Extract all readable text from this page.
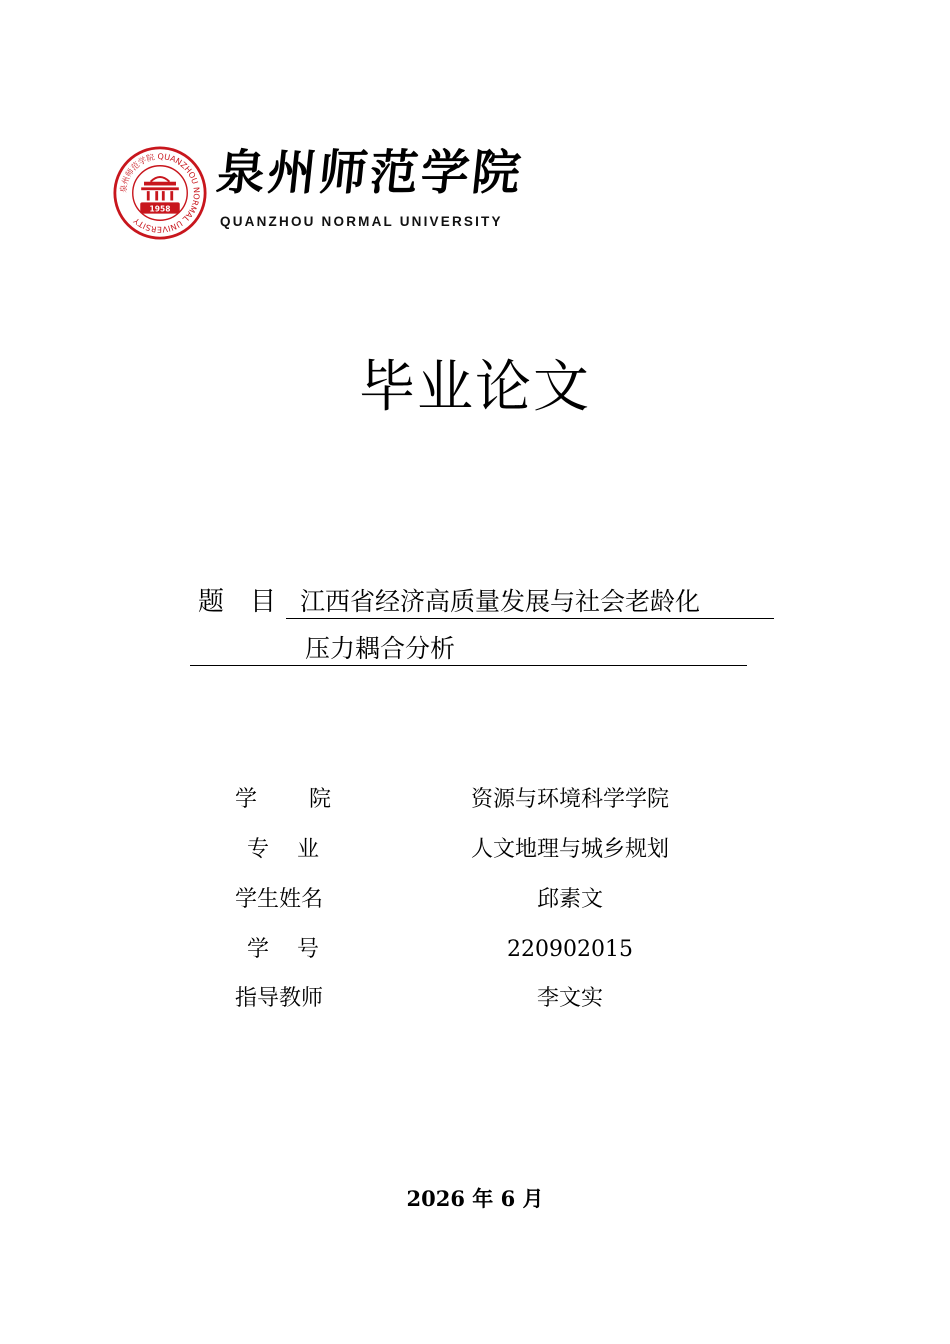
泉州师范学院 QUANZHOU NORMAL UNIVERSITY
1958
泉州师范学院
QUANZHOU NORMAL UNIVERSITY
毕业论文
题　目 江西省经济高质量发展与社会老龄化
压力耦合分析
学 院	资源与环境科学学院
专 业	人文地理与城乡规划
学生姓名	邱素文
学 号	220902015
指导教师	李文实
2026 年 6 月
